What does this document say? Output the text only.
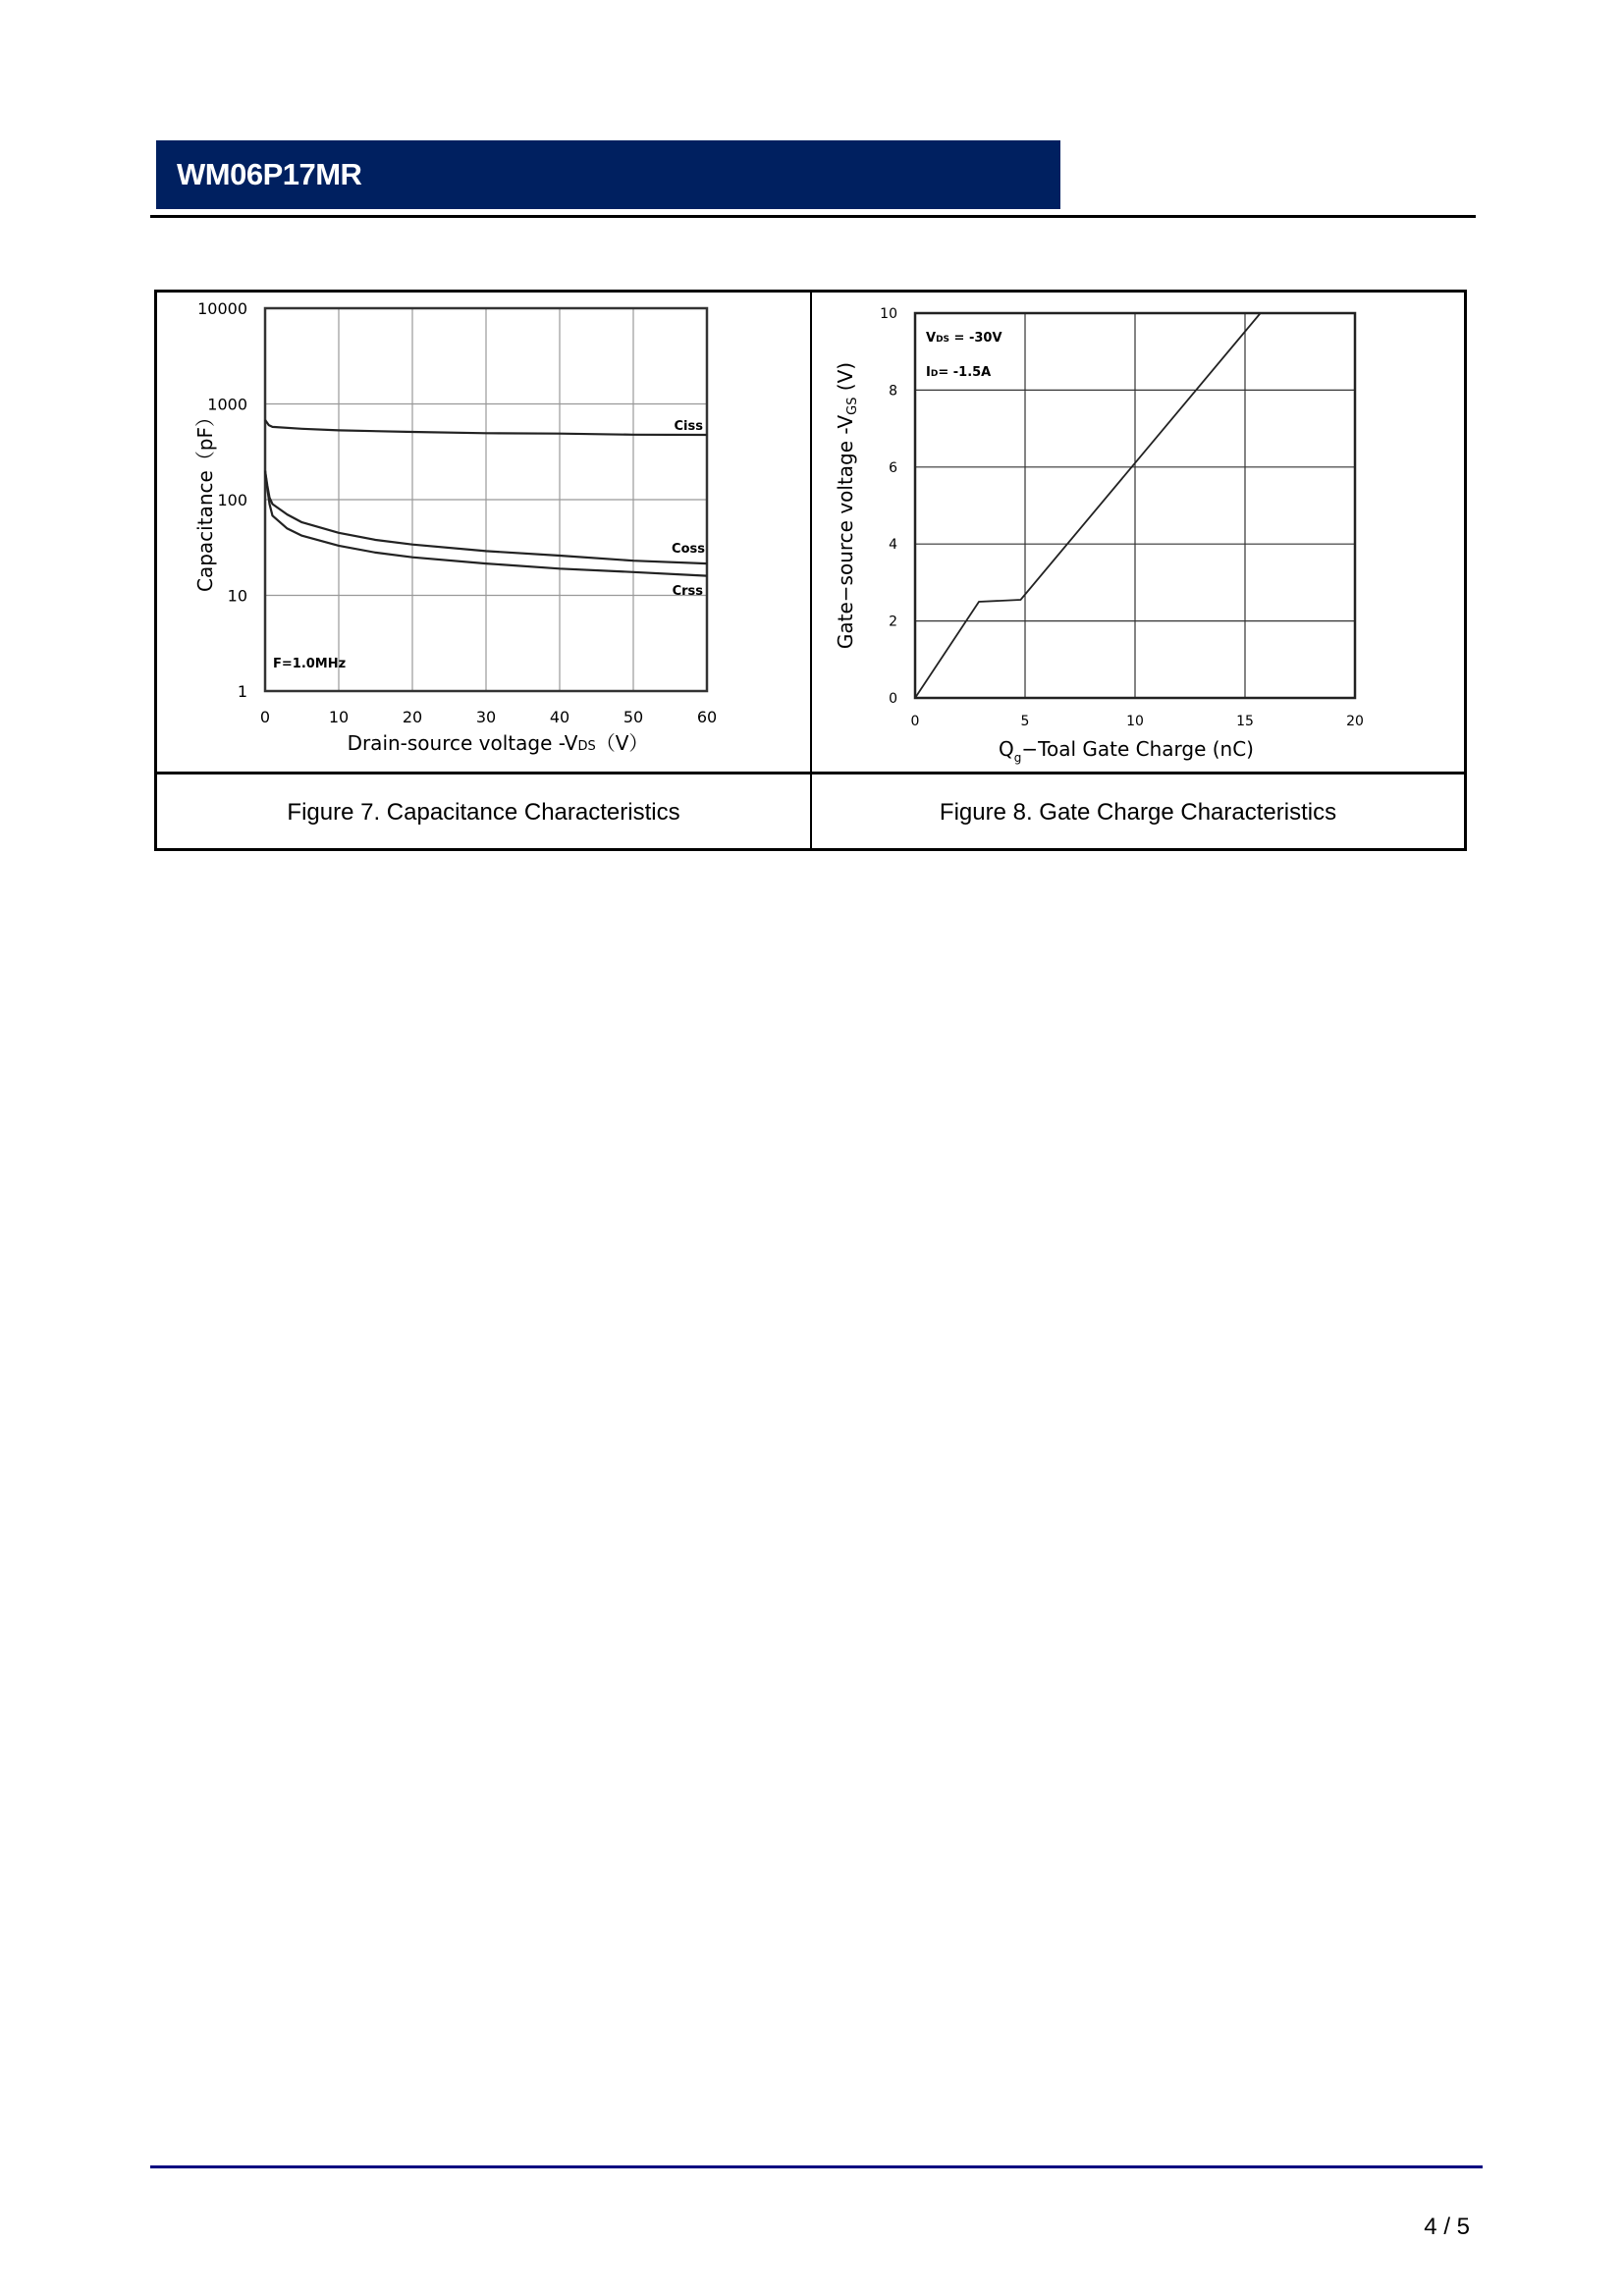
WM06P17MR
0	10	20	30	40	50	60
1
10
100
1000
10000
F=1.0MHz
Ciss
Coss
Crss
Capacitance（pF）
Drain-source voltage -VDS（V）
0	5	10	15	20
0
2
4
6
8
10
VDS = -30V
ID= -1.5A
Gate−source voltage $-V_{GS}$ (V)
$Q_g-Toal$ Gate Charge (nC)
Figure 7. Capacitance Characteristics	Figure 8. Gate Charge Characteristics
4 / 5
